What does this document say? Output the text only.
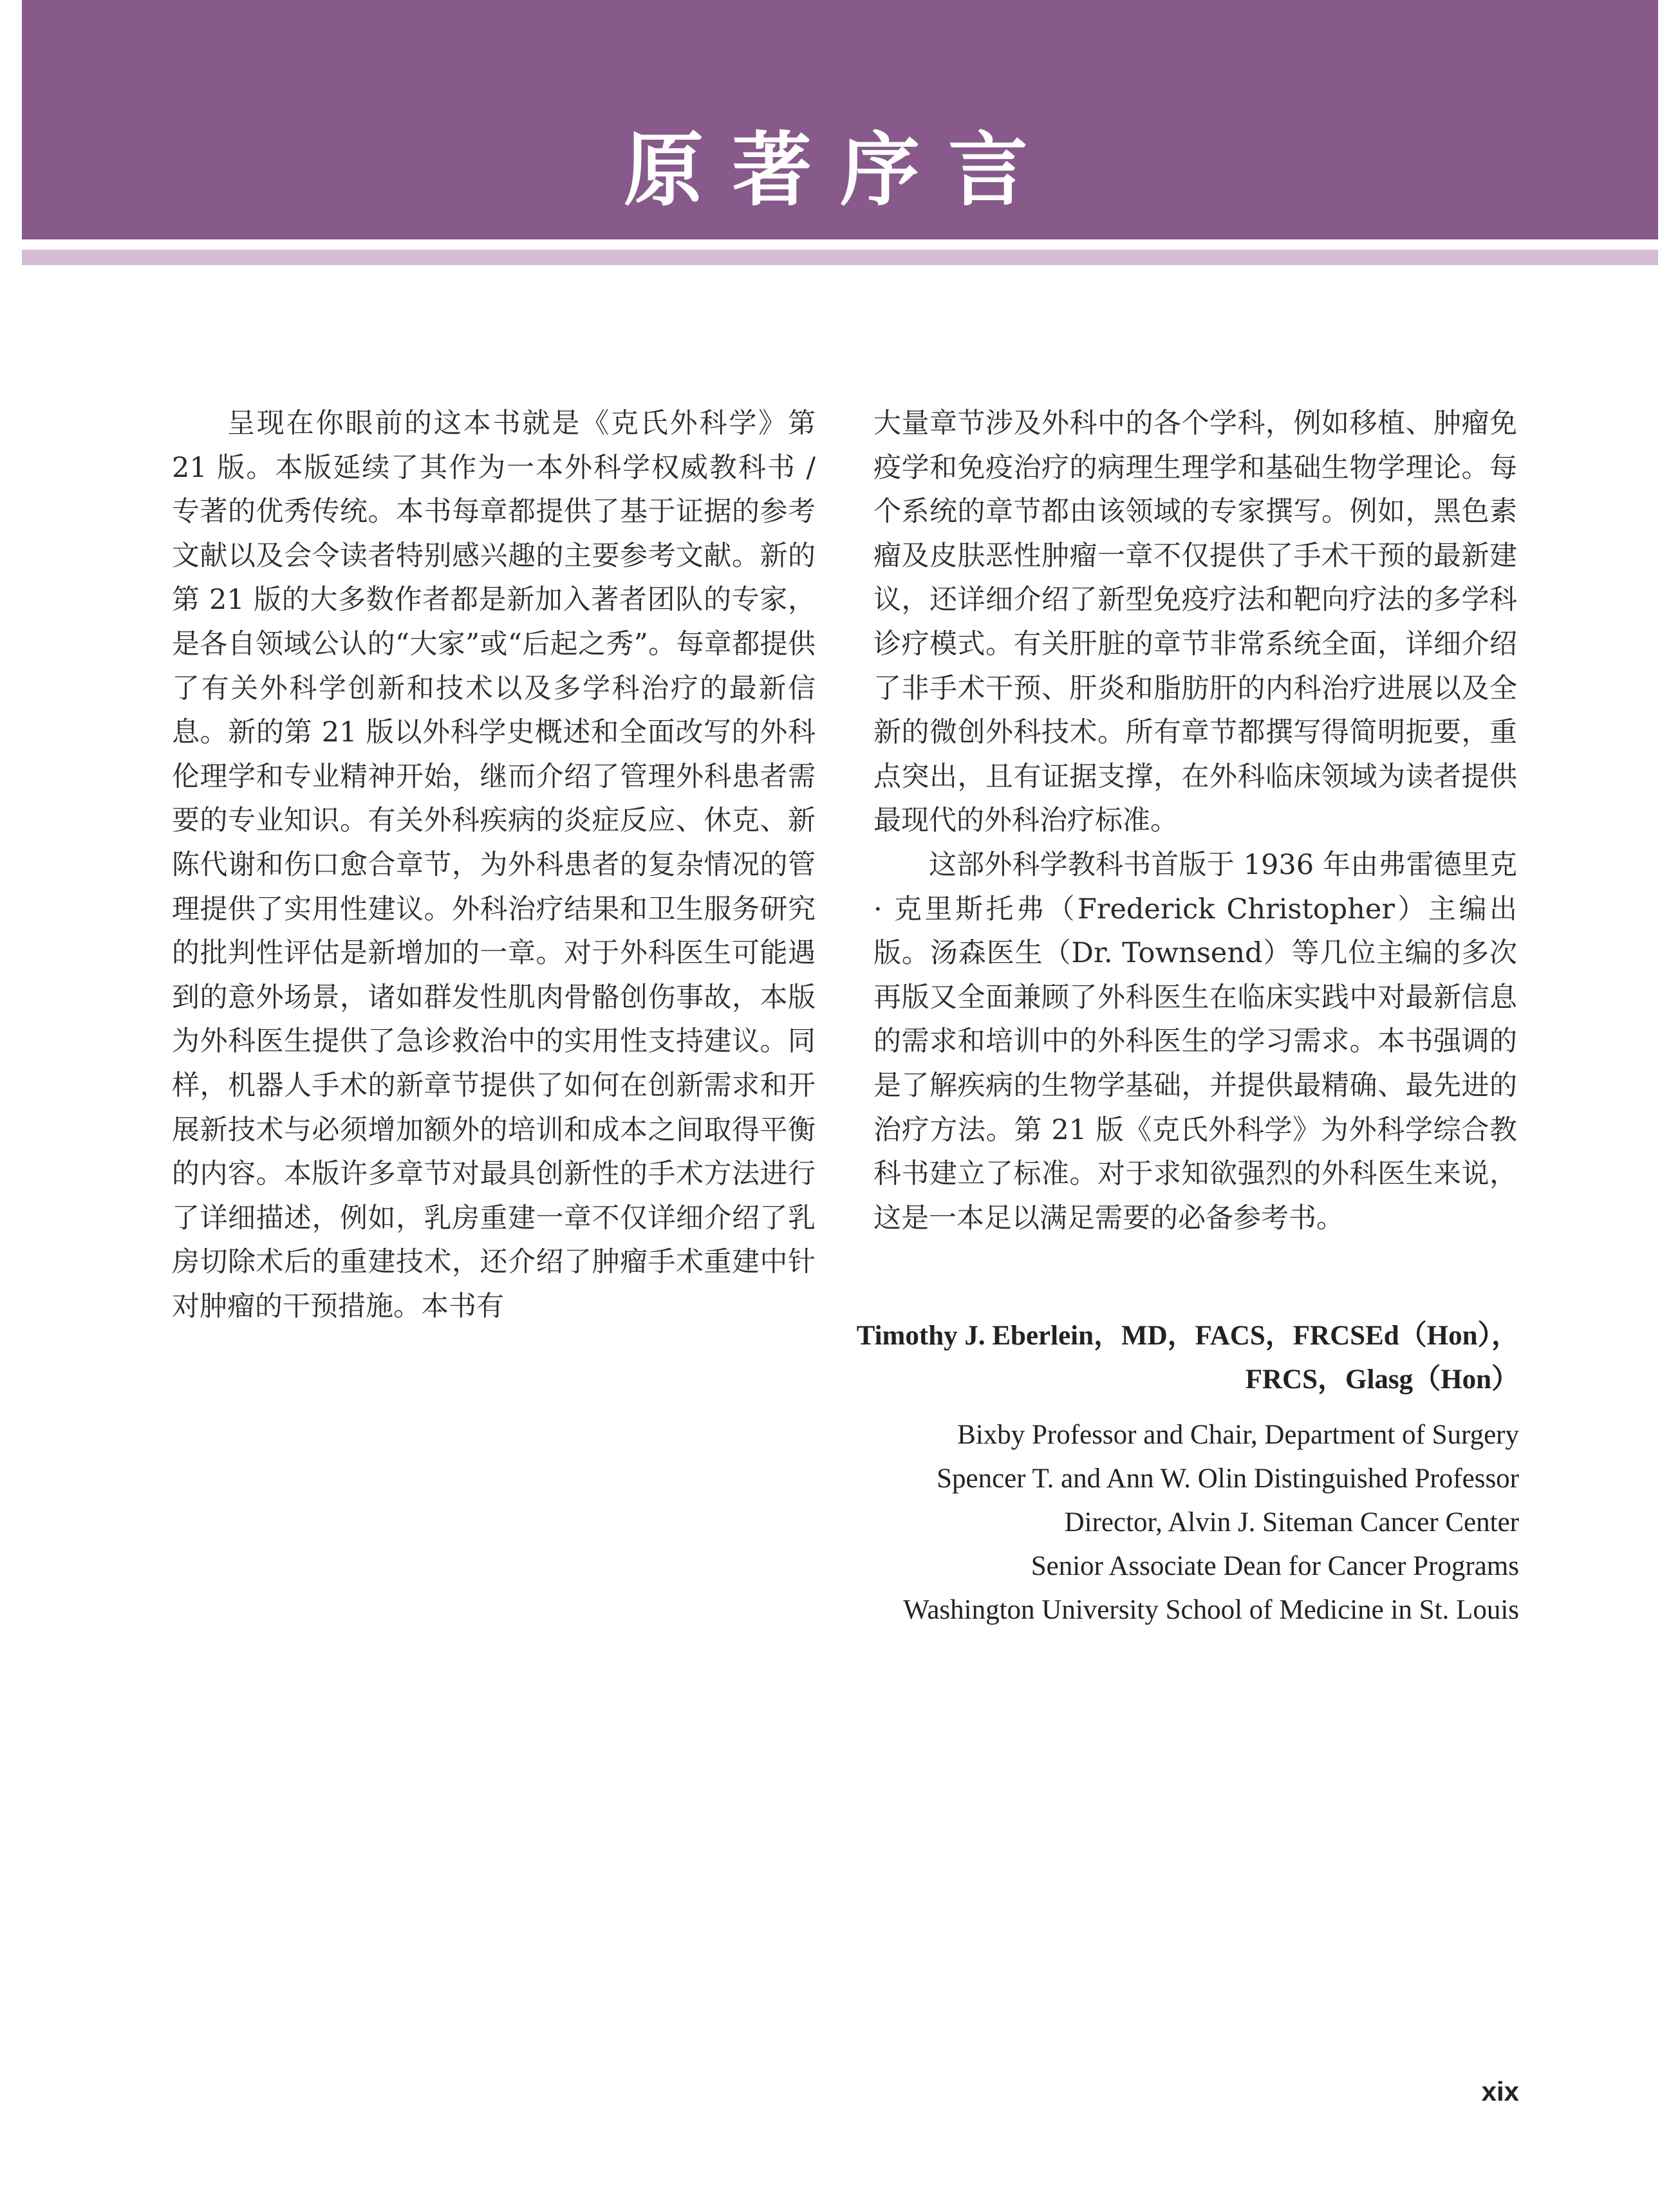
原著序言

呈现在你眼前的这本书就是《克氏外科学》第 21 版。本版延续了其作为一本外科学权威教科书 / 专著的优秀传统。本书每章都提供了基于证据的参考文献以及会令读者特别感兴趣的主要参考文献。新的第 21 版的大多数作者都是新加入著者团队的专家，是各自领域公认的“大家”或“后起之秀”。每章都提供了有关外科学创新和技术以及多学科治疗的最新信息。新的第 21 版以外科学史概述和全面改写的外科伦理学和专业精神开始，继而介绍了管理外科患者需要的专业知识。有关外科疾病的炎症反应、休克、新陈代谢和伤口愈合章节，为外科患者的复杂情况的管理提供了实用性建议。外科治疗结果和卫生服务研究的批判性评估是新增加的一章。对于外科医生可能遇到的意外场景，诸如群发性肌肉骨骼创伤事故，本版为外科医生提供了急诊救治中的实用性支持建议。同样，机器人手术的新章节提供了如何在创新需求和开展新技术与必须增加额外的培训和成本之间取得平衡的内容。本版许多章节对最具创新性的手术方法进行了详细描述，例如，乳房重建一章不仅详细介绍了乳房切除术后的重建技术，还介绍了肿瘤手术重建中针对肿瘤的干预措施。本书有

大量章节涉及外科中的各个学科，例如移植、肿瘤免疫学和免疫治疗的病理生理学和基础生物学理论。每个系统的章节都由该领域的专家撰写。例如，黑色素瘤及皮肤恶性肿瘤一章不仅提供了手术干预的最新建议，还详细介绍了新型免疫疗法和靶向疗法的多学科诊疗模式。有关肝脏的章节非常系统全面，详细介绍了非手术干预、肝炎和脂肪肝的内科治疗进展以及全新的微创外科技术。所有章节都撰写得简明扼要，重点突出，且有证据支撑，在外科临床领域为读者提供最现代的外科治疗标准。

这部外科学教科书首版于 1936 年由弗雷德里克 · 克里斯托弗（Frederick Christopher）主编出版。汤森医生（Dr. Townsend）等几位主编的多次再版又全面兼顾了外科医生在临床实践中对最新信息的需求和培训中的外科医生的学习需求。本书强调的是了解疾病的生物学基础，并提供最精确、最先进的治疗方法。第 21 版《克氏外科学》为外科学综合教科书建立了标准。对于求知欲强烈的外科医生来说，这是一本足以满足需要的必备参考书。

Timothy J. Eberlein，MD，FACS，FRCSEd（Hon），
FRCS，Glasg（Hon）
Bixby Professor and Chair, Department of Surgery
Spencer T. and Ann W. Olin Distinguished Professor
Director, Alvin J. Siteman Cancer Center
Senior Associate Dean for Cancer Programs
Washington University School of Medicine in St. Louis
xix
